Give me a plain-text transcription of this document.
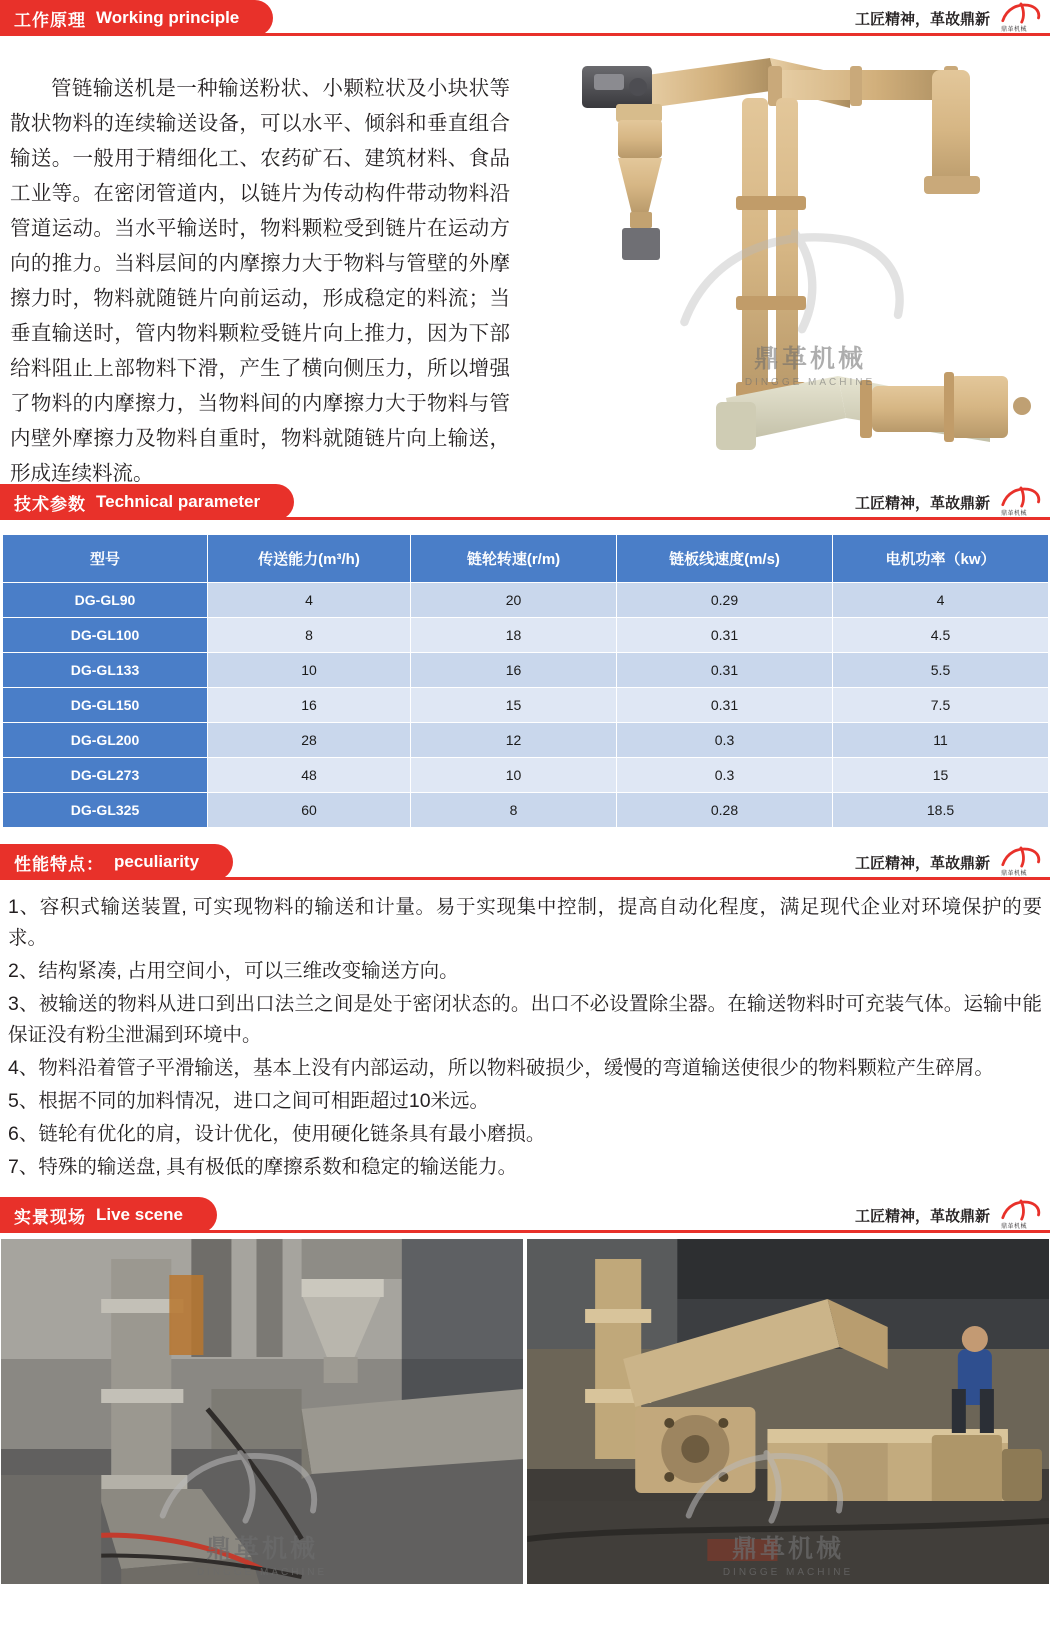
工作原理 Working principle	工匠精神，革故鼎新
鼎革机械

管链输送机是一种输送粉状、小颗粒状及小块状等散状物料的连续输送设备，可以水平、倾斜和垂直组合输送。一般用于精细化工、农药矿石、建筑材料、食品工业等。在密闭管道内，以链片为传动构件带动物料沿管道运动。当水平输送时，物料颗粒受到链片在运动方向的推力。当料层间的内摩擦力大于物料与管壁的外摩擦力时，物料就随链片向前运动，形成稳定的料流；当垂直输送时，管内物料颗粒受链片向上推力，因为下部给料阻止上部物料下滑，产生了横向侧压力，所以增强了物料的内摩擦力，当物料间的内摩擦力大于物料与管内壁外摩擦力及物料自重时，物料就随链片向上输送，形成连续料流。

鼎革机械
DINGGE MACHINE
技术参数 Technical parameter	工匠精神，革故鼎新
鼎革机械
型号	传送能力(m³/h)	链轮转速(r/m)	链板线速度(m/s)	电机功率（kw）
DG-GL90	4	20	0.29	4
DG-GL100	8	18	0.31	4.5
DG-GL133	10	16	0.31	5.5
DG-GL150	16	15	0.31	7.5
DG-GL200	28	12	0.3	11
DG-GL273	48	10	0.3	15
DG-GL325	60	8	0.28	18.5
性能特点： peculiarity	工匠精神，革故鼎新
鼎革机械

1、容积式输送装置, 可实现物料的输送和计量。易于实现集中控制，提高自动化程度，满足现代企业对环境保护的要求。

2、结构紧凑, 占用空间小，可以三维改变输送方向。

3、被输送的物料从进口到出口法兰之间是处于密闭状态的。出口不必设置除尘器。在输送物料时可充装气体。运输中能保证没有粉尘泄漏到环境中。

4、物料沿着管子平滑输送，基本上没有内部运动，所以物料破损少，缓慢的弯道输送使很少的物料颗粒产生碎屑。

5、根据不同的加料情况，进口之间可相距超过10米远。

6、链轮有优化的肩，设计优化，使用硬化链条具有最小磨损。

7、特殊的输送盘, 具有极低的摩擦系数和稳定的输送能力。

实景现场 Live scene	工匠精神，革故鼎新
鼎革机械
鼎革机械
DINGGE MACHINE
鼎革机械
DINGGE MACHINE
